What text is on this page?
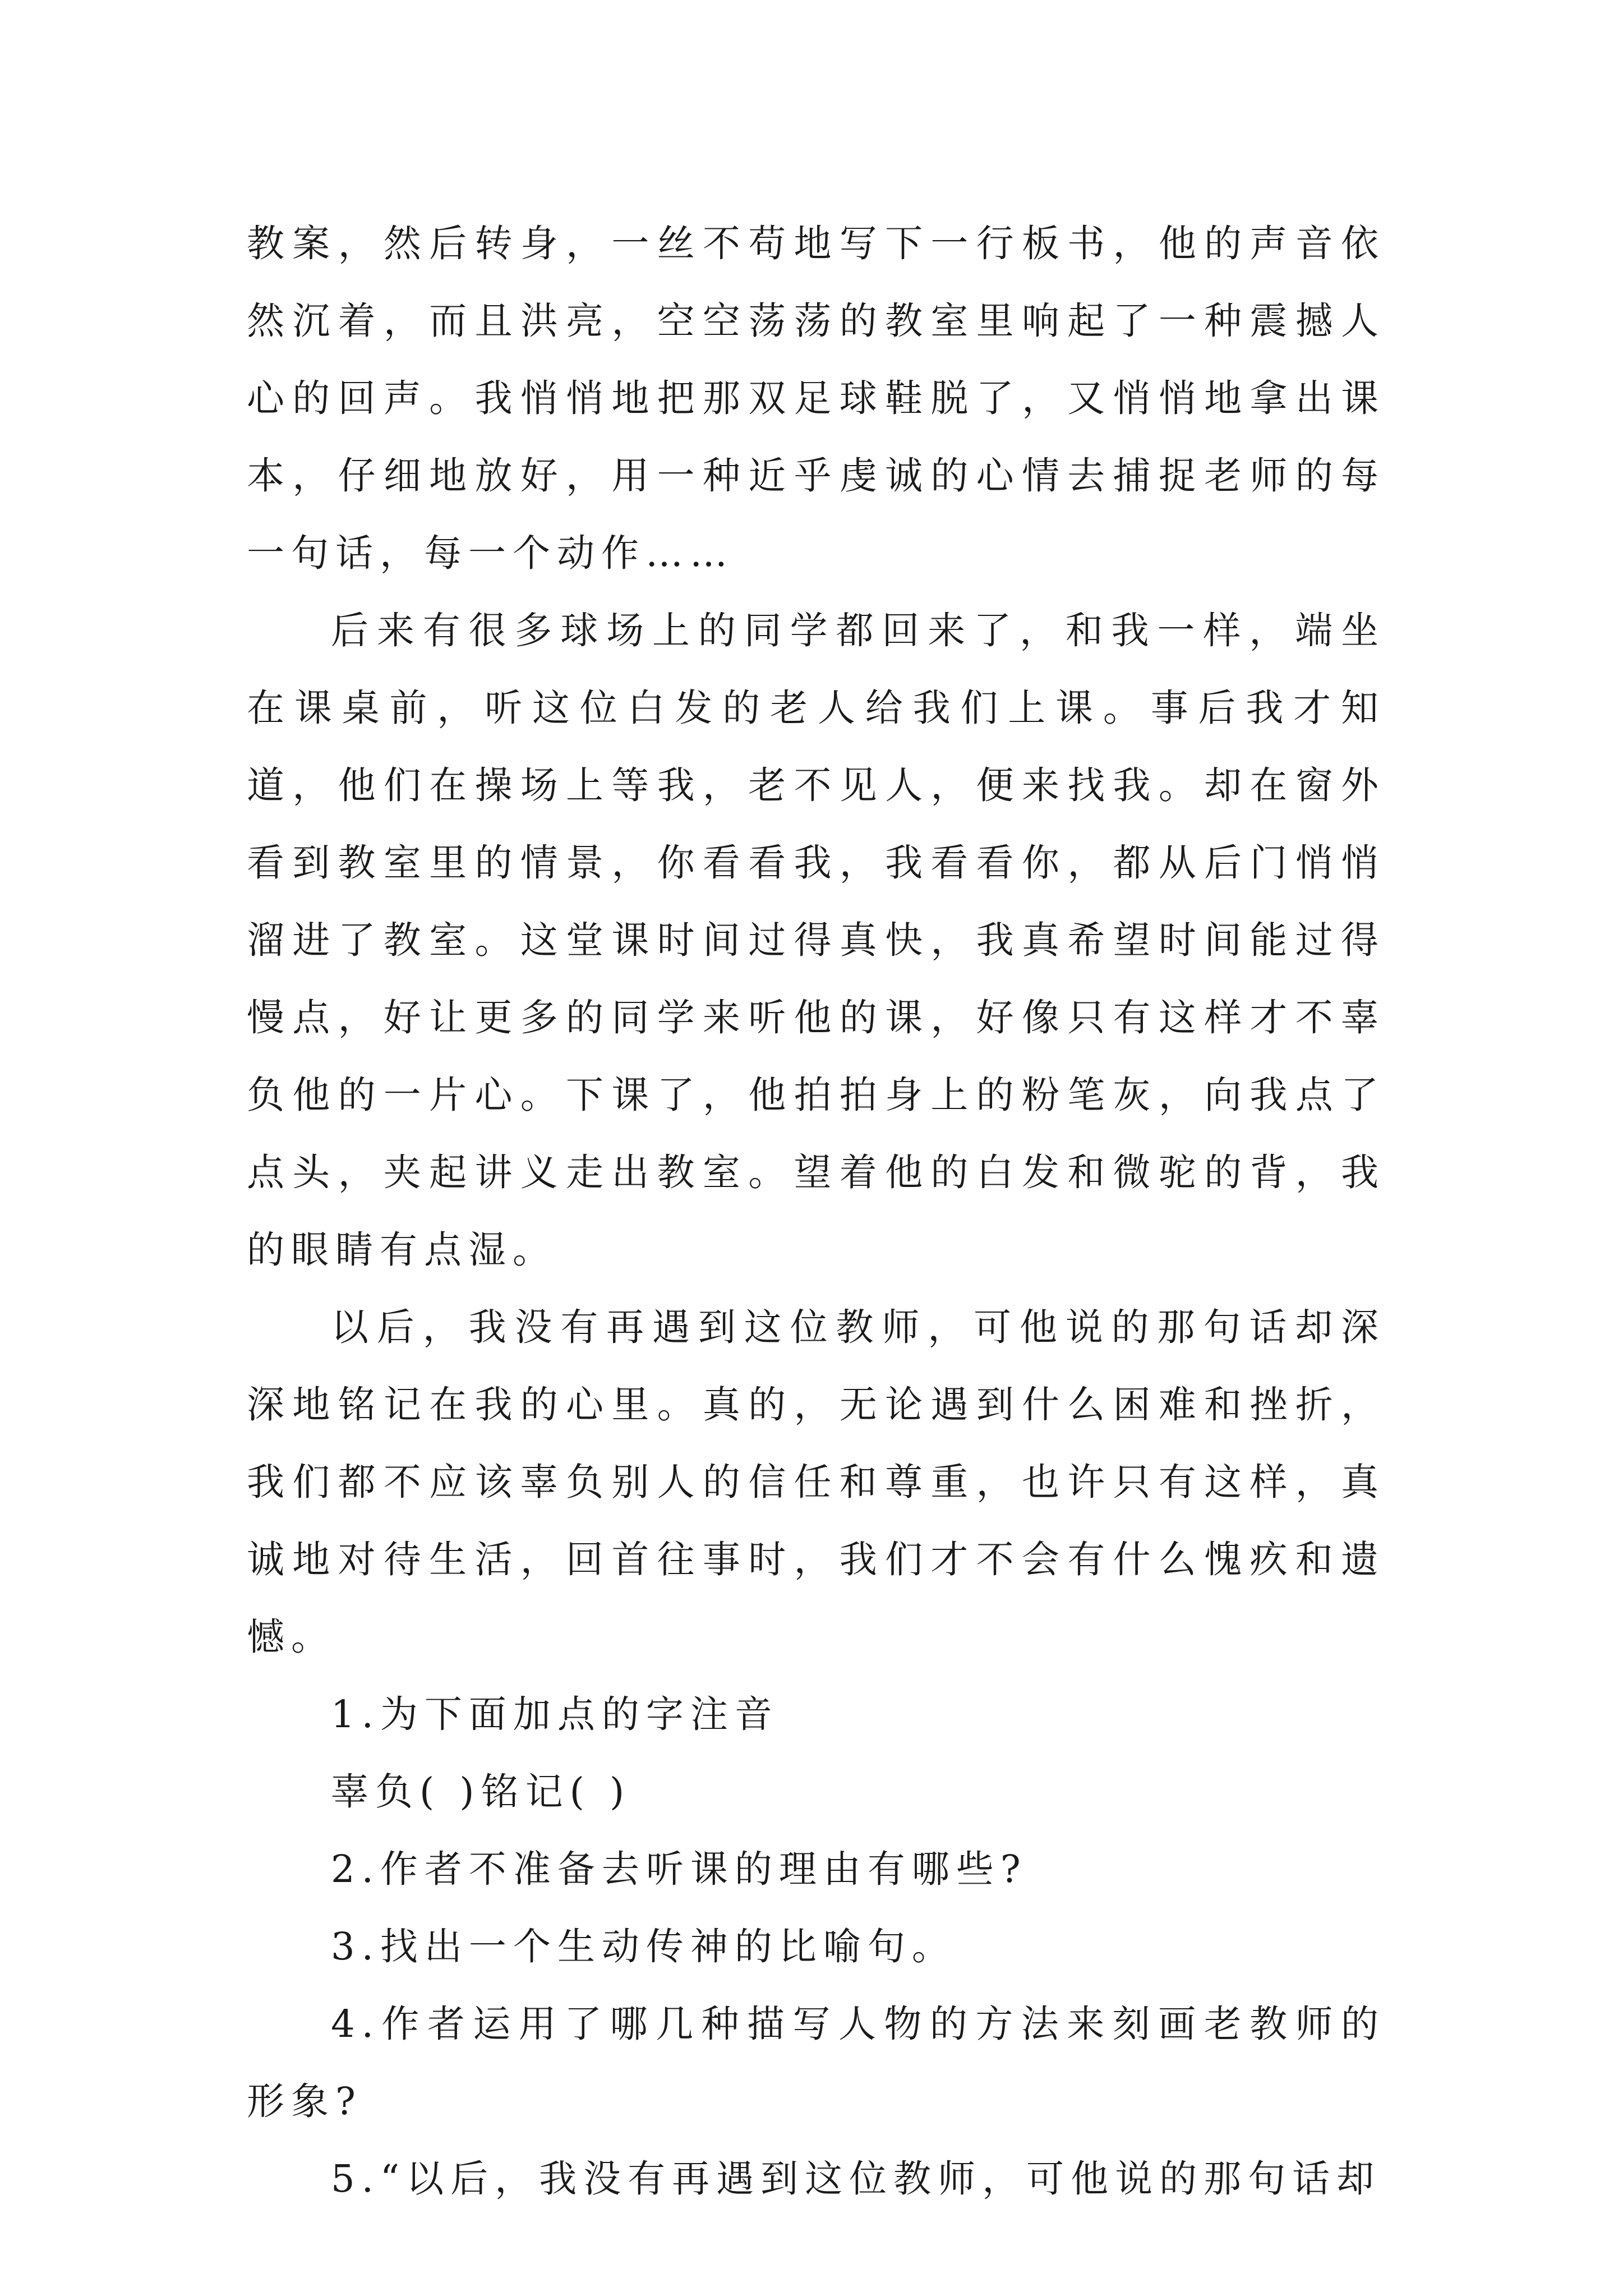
教案，然后转身，一丝不苟地写下一行板书，他的声音依然沉着，而且洪亮，空空荡荡的教室里响起了一种震撼人心的回声。我悄悄地把那双足球鞋脱了，又悄悄地拿出课本，仔细地放好，用一种近乎虔诚的心情去捕捉老师的每一句话，每一个动作……

后来有很多球场上的同学都回来了，和我一样，端坐在课桌前，听这位白发的老人给我们上课。事后我才知道，他们在操场上等我，老不见人，便来找我。却在窗外看到教室里的情景，你看看我，我看看你，都从后门悄悄溜进了教室。这堂课时间过得真快，我真希望时间能过得慢点，好让更多的同学来听他的课，好像只有这样才不辜负他的一片心。下课了，他拍拍身上的粉笔灰，向我点了点头，夹起讲义走出教室。望着他的白发和微驼的背，我的眼睛有点湿。

以后，我没有再遇到这位教师，可他说的那句话却深深地铭记在我的心里。真的，无论遇到什么困难和挫折，我们都不应该辜负别人的信任和尊重，也许只有这样，真诚地对待生活，回首往事时，我们才不会有什么愧疚和遗憾。

1.为下面加点的字注音

辜负( )铭记( )

2.作者不准备去听课的理由有哪些?

3.找出一个生动传神的比喻句。

4.作者运用了哪几种描写人物的方法来刻画老教师的形象?

5.“以后，我没有再遇到这位教师，可他说的那句话却
